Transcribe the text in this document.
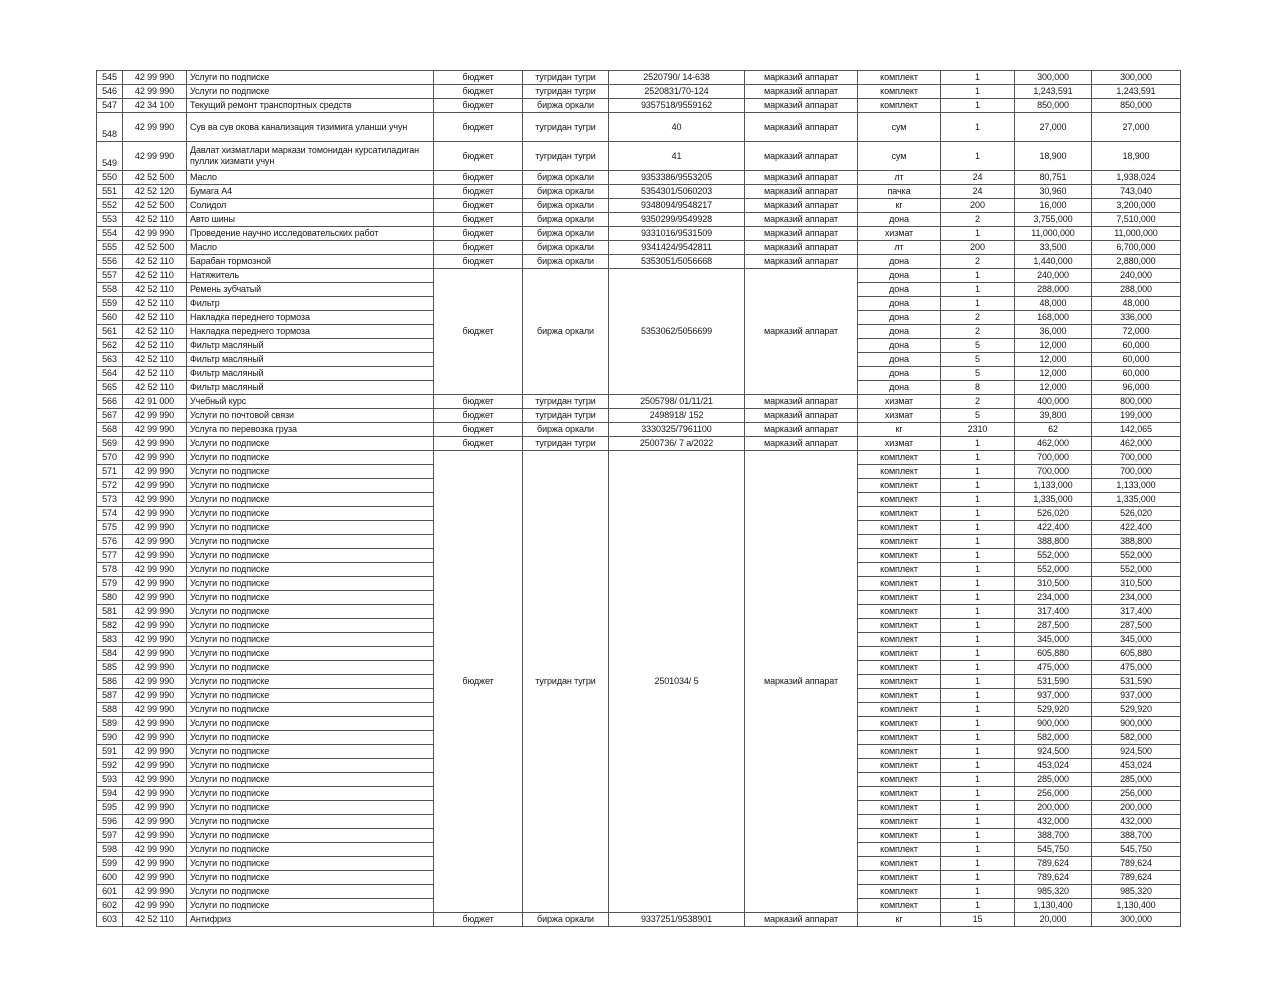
545	42 99 990	Услуги по подписке	бюджет	тугридан тугри	2520790/ 14-638	марказий аппарат	комплект	1	300,000	300,000
546	42 99 990	Услуги по подписке	бюджет	тугридан тугри	2520831/70-124	марказий аппарат	комплект	1	1,243,591	1,243,591
547	42 34 100	Текущий ремонт транспортных средств	бюджет	биржа оркали	9357518/9559162	марказий аппарат	комплект	1	850,000	850,000
548	42 99 990	Сув ва сув окова канализация тизимига уланши учун	бюджет	тугридан тугри	40	марказий аппарат	сум	1	27,000	27,000
549	42 99 990	Давлат хизматлари маркази томонидан курсатиладиган пуллик хизмати учун	бюджет	тугридан тугри	41	марказий аппарат	сум	1	18,900	18,900
550	42 52 500	Масло	бюджет	биржа оркали	9353386/9553205	марказий аппарат	лт	24	80,751	1,938,024
551	42 52 120	Бумага А4	бюджет	биржа оркали	5354301/5060203	марказий аппарат	пачка	24	30,960	743,040
552	42 52 500	Солидол	бюджет	биржа оркали	9348094/9548217	марказий аппарат	кг	200	16,000	3,200,000
553	42 52 110	Авто шины	бюджет	биржа оркали	9350299/9549928	марказий аппарат	дона	2	3,755,000	7,510,000
554	42 99 990	Проведение научно исследовательских работ	бюджет	биржа оркали	9331016/9531509	марказий аппарат	хизмат	1	11,000,000	11,000,000
555	42 52 500	Масло	бюджет	биржа оркали	9341424/9542811	марказий аппарат	лт	200	33,500	6,700,000
556	42 52 110	Барабан тормозной	бюджет	биржа оркали	5353051/5056668	марказий аппарат	дона	2	1,440,000	2,880,000
557	42 52 110	Натяжитель	бюджет	биржа оркали	5353062/5056699	марказий аппарат	дона	1	240,000	240,000
558	42 52 110	Ремень зубчатый					дона	1	288,000	288,000
559	42 52 110	Фильтр					дона	1	48,000	48,000
560	42 52 110	Накладка переднего тормоза					дона	2	168,000	336,000
561	42 52 110	Накладка переднего тормоза					дона	2	36,000	72,000
562	42 52 110	Фильтр масляный					дона	5	12,000	60,000
563	42 52 110	Фильтр масляный					дона	5	12,000	60,000
564	42 52 110	Фильтр масляный					дона	5	12,000	60,000
565	42 52 110	Фильтр масляный					дона	8	12,000	96,000
566	42 91 000	Учебный курс	бюджет	тугридан тугри	2505798/ 01/11/21	марказий аппарат	хизмат	2	400,000	800,000
567	42 99 990	Услуги по почтовой связи	бюджет	тугридан тугри	2498918/ 152	марказий аппарат	хизмат	5	39,800	199,000
568	42 99 990	Услуга по перевозка груза	бюджет	биржа оркали	3330325/7961100	марказий аппарат	кг	2310	62	142,065
569	42 99 990	Услуги по подписке	бюджет	тугридан тугри	2500736/ 7 а/2022	марказий аппарат	хизмат	1	462,000	462,000
570	42 99 990	Услуги по подписке	бюджет	тугридан тугри	2501034/ 5	марказий аппарат	комплект	1	700,000	700,000
571	42 99 990	Услуги по подписке					комплект	1	700,000	700,000
572	42 99 990	Услуги по подписке					комплект	1	1,133,000	1,133,000
573	42 99 990	Услуги по подписке					комплект	1	1,335,000	1,335,000
574	42 99 990	Услуги по подписке					комплект	1	526,020	526,020
575	42 99 990	Услуги по подписке					комплект	1	422,400	422,400
576	42 99 990	Услуги по подписке					комплект	1	388,800	388,800
577	42 99 990	Услуги по подписке					комплект	1	552,000	552,000
578	42 99 990	Услуги по подписке					комплект	1	552,000	552,000
579	42 99 990	Услуги по подписке					комплект	1	310,500	310,500
580	42 99 990	Услуги по подписке					комплект	1	234,000	234,000
581	42 99 990	Услуги по подписке					комплект	1	317,400	317,400
582	42 99 990	Услуги по подписке					комплект	1	287,500	287,500
583	42 99 990	Услуги по подписке					комплект	1	345,000	345,000
584	42 99 990	Услуги по подписке					комплект	1	605,880	605,880
585	42 99 990	Услуги по подписке					комплект	1	475,000	475,000
586	42 99 990	Услуги по подписке					комплект	1	531,590	531,590
587	42 99 990	Услуги по подписке					комплект	1	937,000	937,000
588	42 99 990	Услуги по подписке					комплект	1	529,920	529,920
589	42 99 990	Услуги по подписке					комплект	1	900,000	900,000
590	42 99 990	Услуги по подписке					комплект	1	582,000	582,000
591	42 99 990	Услуги по подписке					комплект	1	924,500	924,500
592	42 99 990	Услуги по подписке					комплект	1	453,024	453,024
593	42 99 990	Услуги по подписке					комплект	1	285,000	285,000
594	42 99 990	Услуги по подписке					комплект	1	256,000	256,000
595	42 99 990	Услуги по подписке					комплект	1	200,000	200,000
596	42 99 990	Услуги по подписке					комплект	1	432,000	432,000
597	42 99 990	Услуги по подписке					комплект	1	388,700	388,700
598	42 99 990	Услуги по подписке					комплект	1	545,750	545,750
599	42 99 990	Услуги по подписке					комплект	1	789,624	789,624
600	42 99 990	Услуги по подписке					комплект	1	789,624	789,624
601	42 99 990	Услуги по подписке					комплект	1	985,320	985,320
602	42 99 990	Услуги по подписке					комплект	1	1,130,400	1,130,400
603	42 52 110	Антифриз	бюджет	биржа оркали	9337251/9538901	марказий аппарат	кг	15	20,000	300,000
